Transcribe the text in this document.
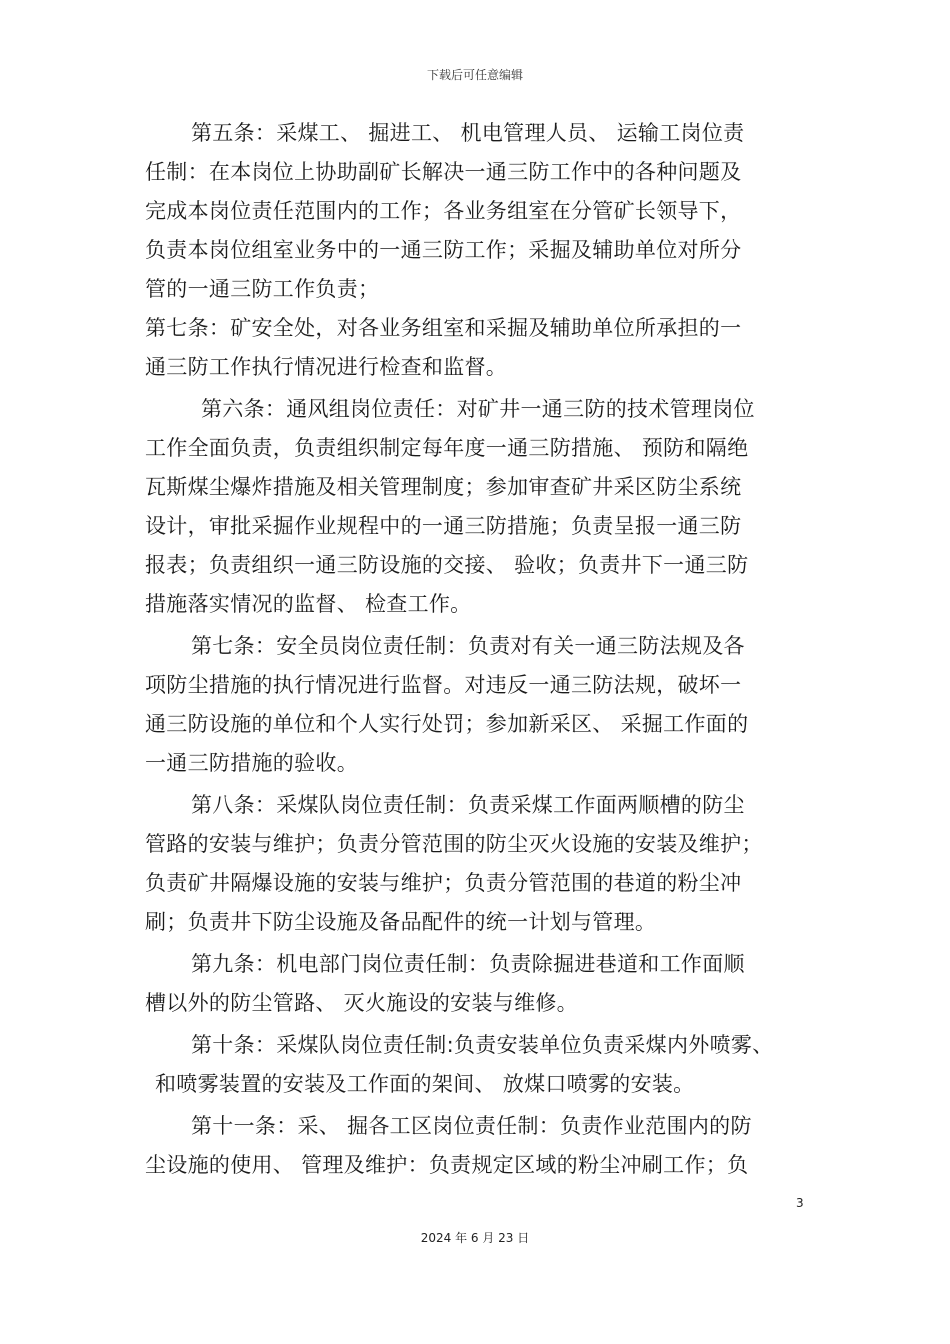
下载后可任意编辑
第五条：采煤工、 掘进工、 机电管理人员、 运输工岗位责
任制：在本岗位上协助副矿长解决一通三防工作中的各种问题及
完成本岗位责任范围内的工作；各业务组室在分管矿长领导下，
负责本岗位组室业务中的一通三防工作；采掘及辅助单位对所分
管的一通三防工作负责；
第七条：矿安全处，对各业务组室和采掘及辅助单位所承担的一
通三防工作执行情况进行检查和监督。
第六条：通风组岗位责任：对矿井一通三防的技术管理岗位
工作全面负责，负责组织制定每年度一通三防措施、 预防和隔绝
瓦斯煤尘爆炸措施及相关管理制度；参加审查矿井采区防尘系统
设计，审批采掘作业规程中的一通三防措施；负责呈报一通三防
报表；负责组织一通三防设施的交接、 验收；负责井下一通三防
措施落实情况的监督、 检查工作。
第七条：安全员岗位责任制：负责对有关一通三防法规及各
项防尘措施的执行情况进行监督。对违反一通三防法规，破坏一
通三防设施的单位和个人实行处罚；参加新采区、 采掘工作面的
一通三防措施的验收。
第八条：采煤队岗位责任制：负责采煤工作面两顺槽的防尘
管路的安装与维护；负责分管范围的防尘灭火设施的安装及维护；
负责矿井隔爆设施的安装与维护；负责分管范围的巷道的粉尘冲
刷；负责井下防尘设施及备品配件的统一计划与管理。
第九条：机电部门岗位责任制：负责除掘进巷道和工作面顺
槽以外的防尘管路、 灭火施设的安装与维修。
第十条：采煤队岗位责任制:负责安装单位负责采煤内外喷雾、
和喷雾装置的安装及工作面的架间、 放煤口喷雾的安装。
第十一条：采、 掘各工区岗位责任制：负责作业范围内的防
尘设施的使用、 管理及维护：负责规定区域的粉尘冲刷工作；负
3
2024 年 6 月 23 日
